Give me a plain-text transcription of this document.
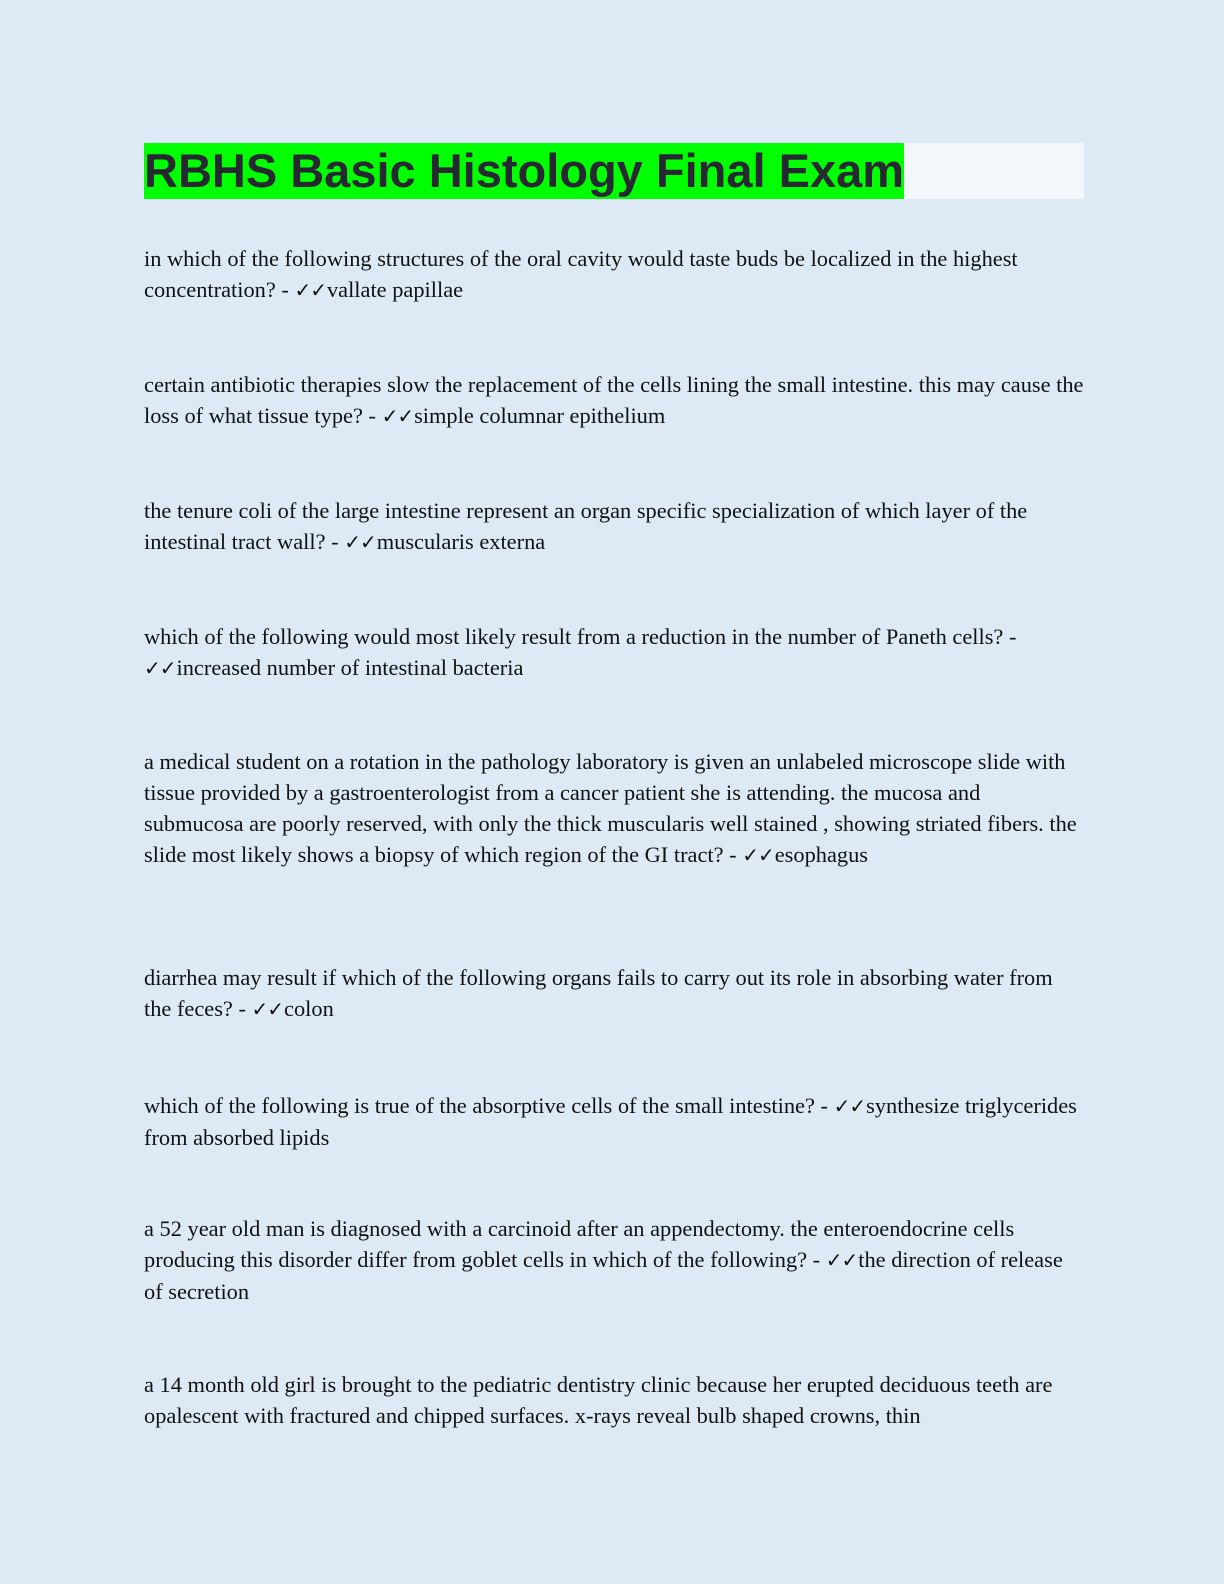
RBHS Basic Histology Final Exam

in which of the following structures of the oral cavity would taste buds be localized in the highest concentration? - ✓✓vallate papillae

certain antibiotic therapies slow the replacement of the cells lining the small intestine. this may cause the loss of what tissue type? - ✓✓simple columnar epithelium

the tenure coli of the large intestine represent an organ specific specialization of which layer of the intestinal tract wall? - ✓✓muscularis externa

which of the following would most likely result from a reduction in the number of Paneth cells? - ✓✓increased number of intestinal bacteria

a medical student on a rotation in the pathology laboratory is given an unlabeled microscope slide with tissue provided by a gastroenterologist from a cancer patient she is attending. the mucosa and submucosa are poorly reserved, with only the thick muscularis well stained , showing striated fibers. the slide most likely shows a biopsy of which region of the GI tract? - ✓✓esophagus

diarrhea may result if which of the following organs fails to carry out its role in absorbing water from the feces? - ✓✓colon

which of the following is true of the absorptive cells of the small intestine? - ✓✓synthesize triglycerides from absorbed lipids

a 52 year old man is diagnosed with a carcinoid after an appendectomy. the enteroendocrine cells producing this disorder differ from goblet cells in which of the following? - ✓✓the direction of release of secretion

a 14 month old girl is brought to the pediatric dentistry clinic because her erupted deciduous teeth are opalescent with fractured and chipped surfaces. x-rays reveal bulb shaped crowns, thin
